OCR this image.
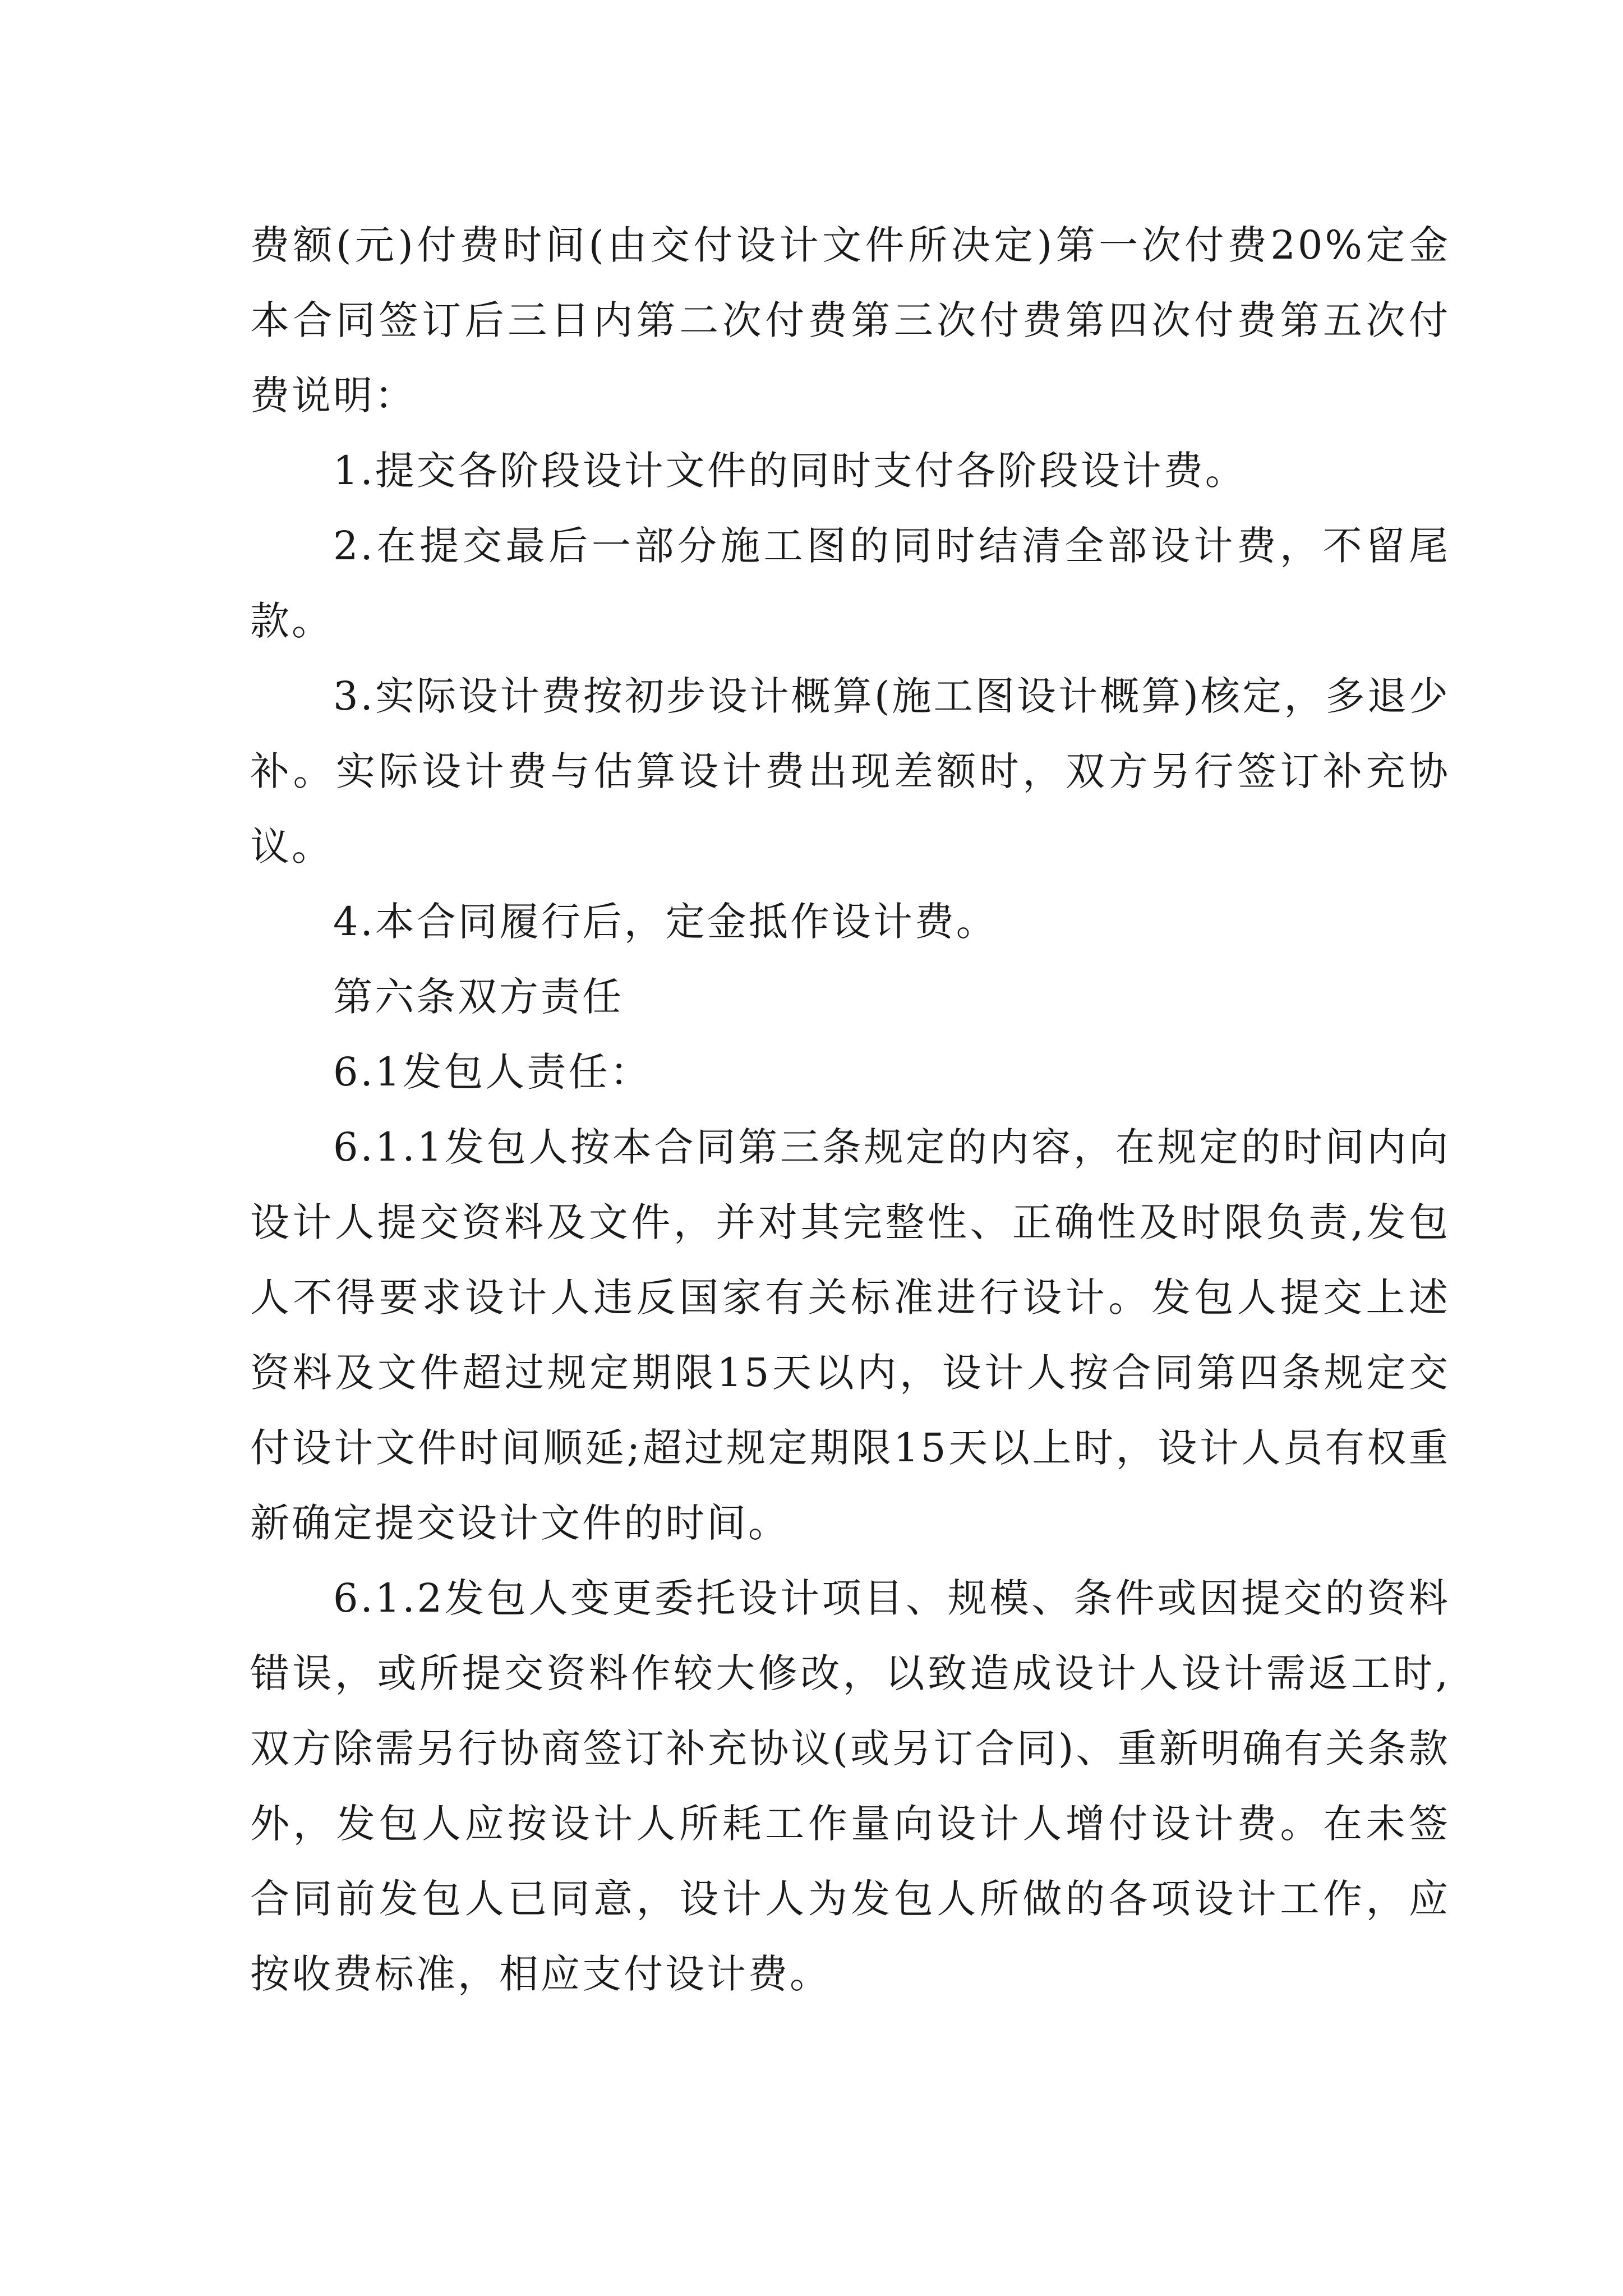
费额(元)付费时间(由交付设计文件所决定)第一次付费20%定金本合同签订后三日内第二次付费第三次付费第四次付费第五次付费说明：

1.提交各阶段设计文件的同时支付各阶段设计费。

2.在提交最后一部分施工图的同时结清全部设计费，不留尾款。

3.实际设计费按初步设计概算(施工图设计概算)核定，多退少补。实际设计费与估算设计费出现差额时，双方另行签订补充协议。

4.本合同履行后，定金抵作设计费。

第六条双方责任

6.1发包人责任：

6.1.1发包人按本合同第三条规定的内容，在规定的时间内向设计人提交资料及文件，并对其完整性、正确性及时限负责,发包人不得要求设计人违反国家有关标准进行设计。发包人提交上述资料及文件超过规定期限15天以内，设计人按合同第四条规定交付设计文件时间顺延;超过规定期限15天以上时，设计人员有权重新确定提交设计文件的时间。

6.1.2发包人变更委托设计项目、规模、条件或因提交的资料错误，或所提交资料作较大修改，以致造成设计人设计需返工时,双方除需另行协商签订补充协议(或另订合同)、重新明确有关条款外，发包人应按设计人所耗工作量向设计人增付设计费。在未签合同前发包人已同意，设计人为发包人所做的各项设计工作，应按收费标准，相应支付设计费。
